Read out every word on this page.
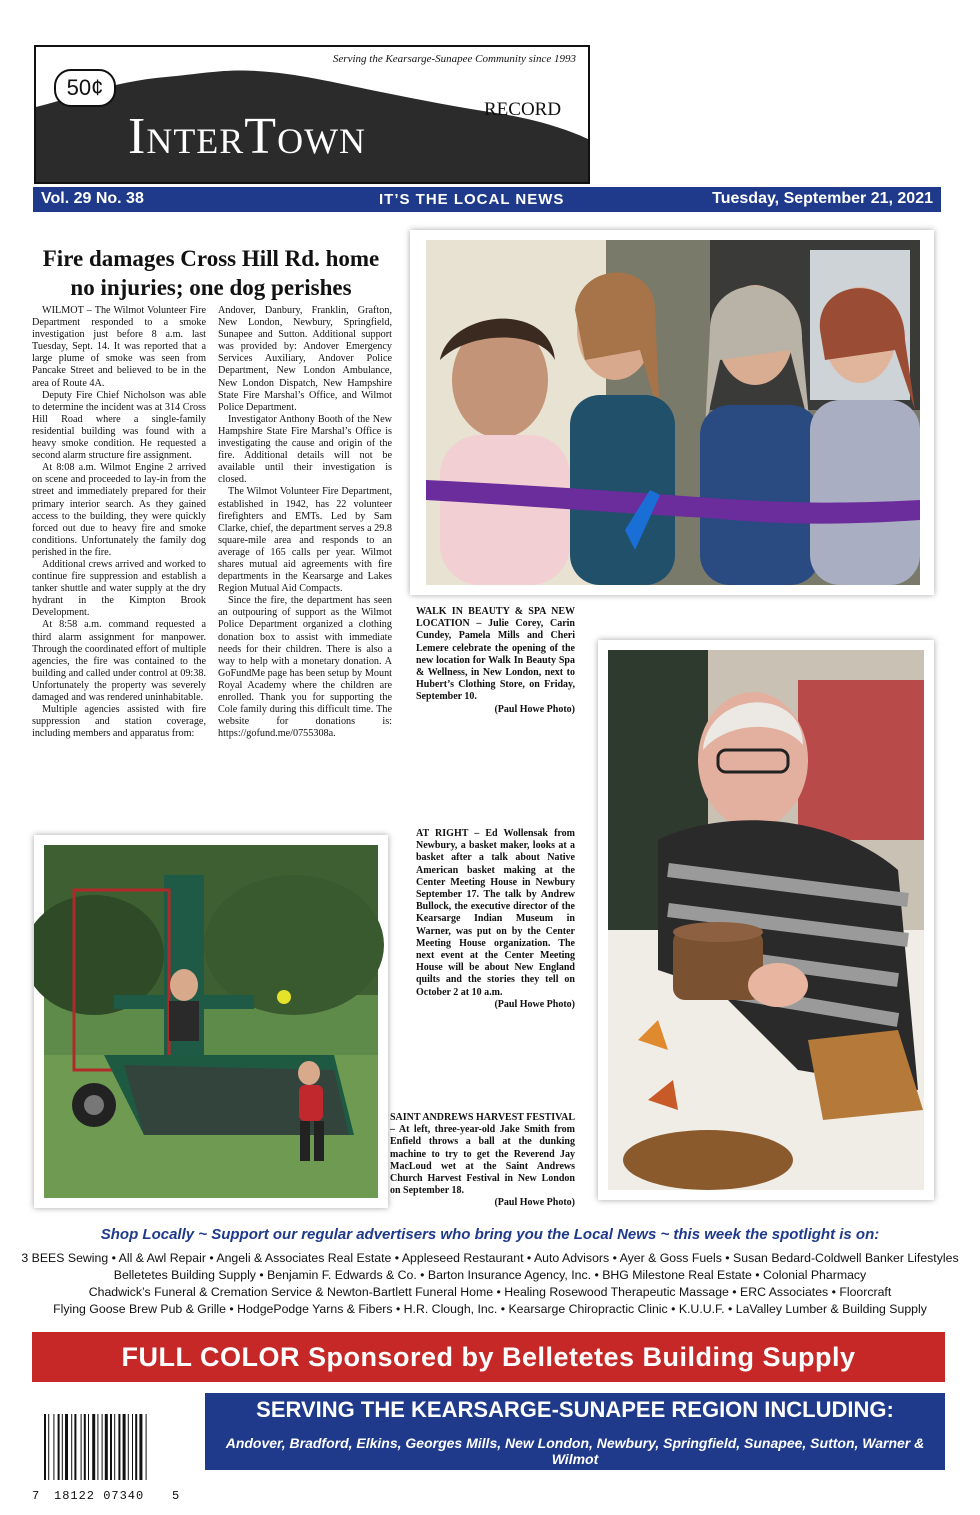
Serving the Kearsarge-Sunapee Community since 1993
50¢
RECORD
InterTown
Vol. 29 No. 38	IT’S THE LOCAL NEWS	Tuesday, September 21, 2021
Fire damages Cross Hill Rd. home
no injuries; one dog perishes

WILMOT – The Wilmot Volunteer Fire Department responded to a smoke investigation just before 8 a.m. last Tuesday, Sept. 14. It was reported that a large plume of smoke was seen from Pancake Street and believed to be in the area of Route 4A.

Deputy Fire Chief Nicholson was able to determine the incident was at 314 Cross Hill Road where a single-family residential building was found with a heavy smoke condition. He requested a second alarm structure fire assignment.

At 8:08 a.m. Wilmot Engine 2 arrived on scene and proceeded to lay-in from the street and immediately prepared for their primary interior search. As they gained access to the building, they were quickly forced out due to heavy fire and smoke conditions. Unfortunately the family dog perished in the fire.

Additional crews arrived and worked to continue fire suppression and establish a tanker shuttle and water supply at the dry hydrant in the Kimpton Brook Development.

At 8:58 a.m. command requested a third alarm assignment for manpower. Through the coordinated effort of multiple agencies, the fire was contained to the building and called under control at 09:38. Unfortunately the property was severely damaged and was rendered uninhabitable.

Multiple agencies assisted with fire suppression and station coverage, including members and apparatus from:

Andover, Danbury, Franklin, Grafton, New London, Newbury, Springfield, Sunapee and Sutton. Additional support was provided by: Andover Emergency Services Auxiliary, Andover Police Department, New London Ambulance, New London Dispatch, New Hampshire State Fire Marshal’s Office, and Wilmot Police Department.

Investigator Anthony Booth of the New Hampshire State Fire Marshal’s Office is investigating the cause and origin of the fire. Additional details will not be available until their investigation is closed.

The Wilmot Volunteer Fire Department, established in 1942, has 22 volunteer firefighters and EMTs. Led by Sam Clarke, chief, the department serves a 29.8 square-mile area and responds to an average of 165 calls per year. Wilmot shares mutual aid agreements with fire departments in the Kearsarge and Lakes Region Mutual Aid Compacts.

Since the fire, the department has seen an outpouring of support as the Wilmot Police Department organized a clothing donation box to assist with immediate needs for their children. There is also a way to help with a monetary donation. A GoFundMe page has been setup by Mount Royal Academy where the children are enrolled. Thank you for supporting the Cole family during this difficult time. The website for donations is: https://gofund.me/0755308a.

WALK IN BEAUTY & SPA NEW LOCATION – Julie Corey, Carin Cundey, Pamela Mills and Cheri Lemere celebrate the opening of the new location for Walk In Beauty Spa & Wellness, in New London, next to Hubert’s Clothing Store, on Friday, September 10.
(Paul Howe Photo)
AT RIGHT – Ed Wollensak from Newbury, a basket maker, looks at a basket after a talk about Native American basket making at the Center Meeting House in Newbury September 17. The talk by Andrew Bullock, the executive director of the Kearsarge Indian Museum in Warner, was put on by the Center Meeting House organization. The next event at the Center Meeting House will be about New England quilts and the stories they tell on October 2 at 10 a.m.
(Paul Howe Photo)
SAINT ANDREWS HARVEST FESTIVAL – At left, three-year-old Jake Smith from Enfield throws a ball at the dunking machine to try to get the Reverend Jay MacLoud wet at the Saint Andrews Church Harvest Festival in New London on September 18.
(Paul Howe Photo)
Shop Locally ~ Support our regular advertisers who bring you the Local News ~ this week the spotlight is on:
3 BEES Sewing • All & Awl Repair • Angeli & Associates Real Estate • Appleseed Restaurant • Auto Advisors • Ayer & Goss Fuels • Susan Bedard-Coldwell Banker Lifestyles
Belletetes Building Supply • Benjamin F. Edwards & Co. • Barton Insurance Agency, Inc. • BHG Milestone Real Estate • Colonial Pharmacy
Chadwick’s Funeral & Cremation Service & Newton-Bartlett Funeral Home • Healing Rosewood Therapeutic Massage • ERC Associates • Floorcraft
Flying Goose Brew Pub & Grille • HodgePodge Yarns & Fibers • H.R. Clough, Inc. • Kearsarge Chiropractic Clinic • K.U.U.F. • LaValley Lumber & Building Supply
FULL COLOR Sponsored by Belletetes Building Supply
7 18122 07340 5
SERVING THE KEARSARGE-SUNAPEE REGION INCLUDING:
Andover, Bradford, Elkins, Georges Mills, New London, Newbury, Springfield, Sunapee, Sutton, Warner & Wilmot
